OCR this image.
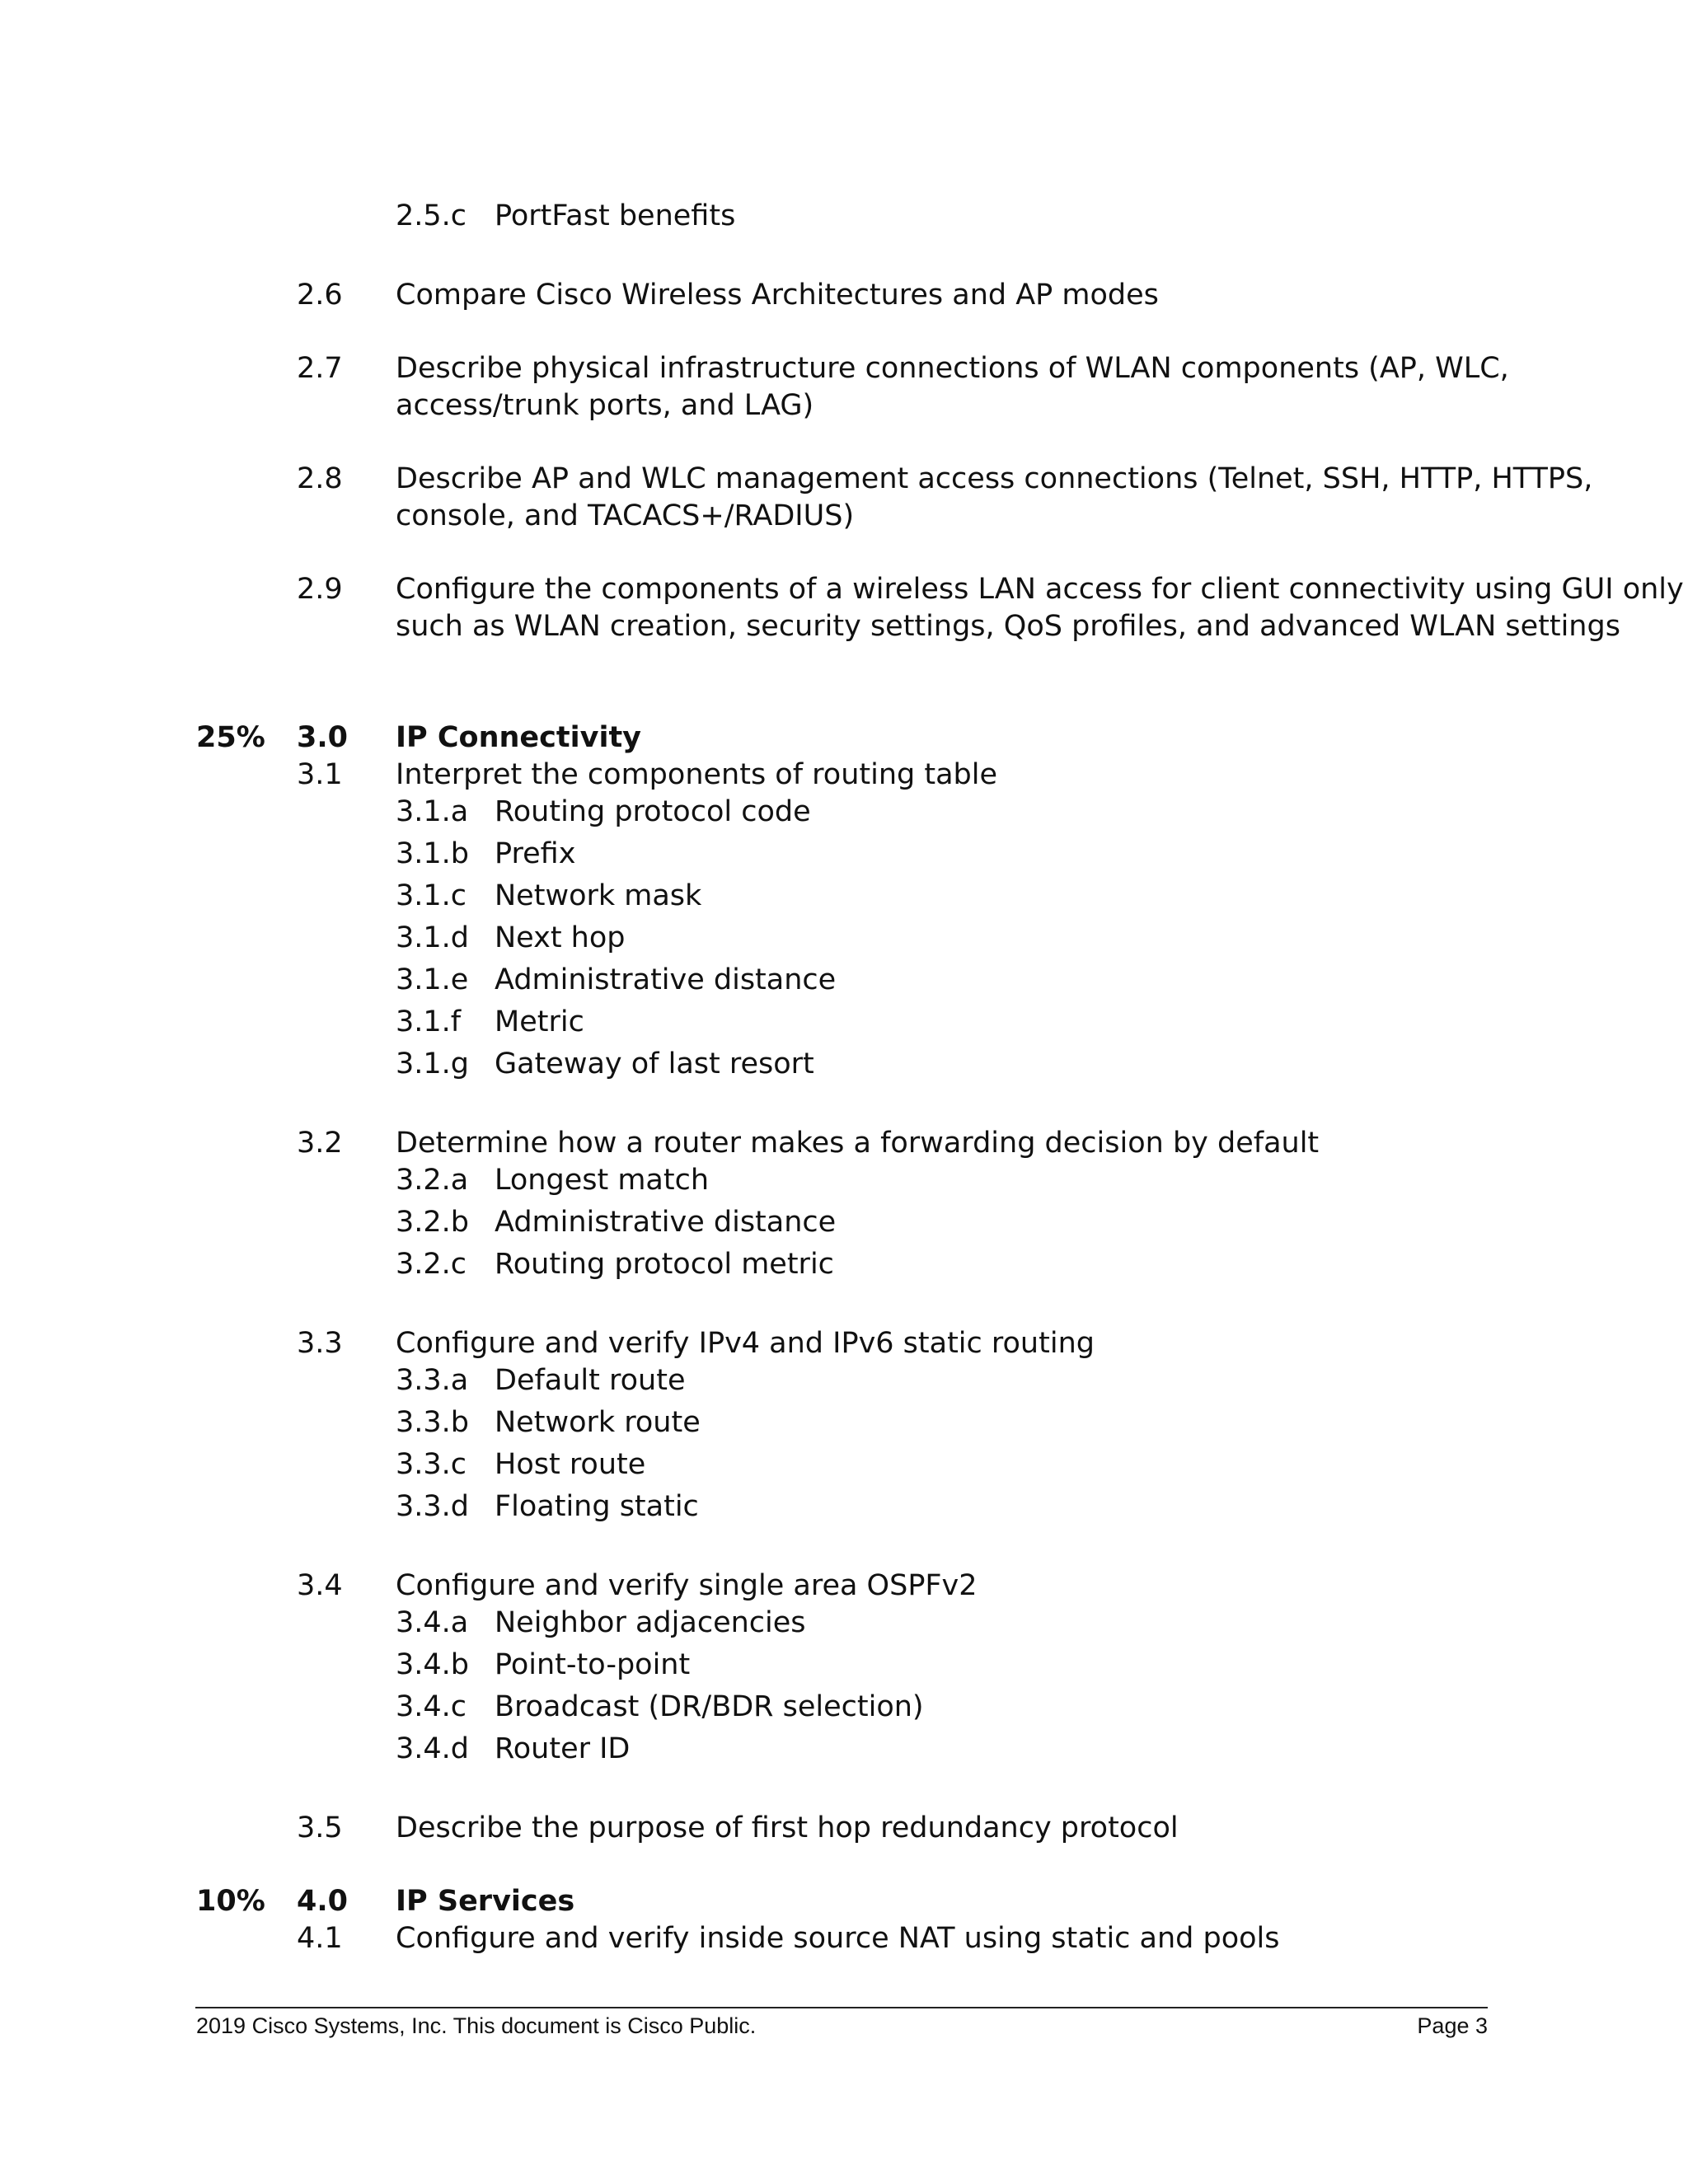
2.5.c PortFast benefits
2.6 Compare Cisco Wireless Architectures and AP modes
2.7 Describe physical infrastructure connections of WLAN components (AP, WLC,
access/trunk ports, and LAG)
2.8 Describe AP and WLC management access connections (Telnet, SSH, HTTP, HTTPS,
console, and TACACS+/RADIUS)
2.9 Configure the components of a wireless LAN access for client connectivity using GUI only
such as WLAN creation, security settings, QoS profiles, and advanced WLAN settings
25% 3.0 IP Connectivity
3.1 Interpret the components of routing table
3.1.a Routing protocol code
3.1.b Prefix
3.1.c Network mask
3.1.d Next hop
3.1.e Administrative distance
3.1.f Metric
3.1.g Gateway of last resort
3.2 Determine how a router makes a forwarding decision by default
3.2.a Longest match
3.2.b Administrative distance
3.2.c Routing protocol metric
3.3 Configure and verify IPv4 and IPv6 static routing
3.3.a Default route
3.3.b Network route
3.3.c Host route
3.3.d Floating static
3.4 Configure and verify single area OSPFv2
3.4.a Neighbor adjacencies
3.4.b Point-to-point
3.4.c Broadcast (DR/BDR selection)
3.4.d Router ID
3.5 Describe the purpose of first hop redundancy protocol
10% 4.0 IP Services
4.1 Configure and verify inside source NAT using static and pools
2019 Cisco Systems, Inc. This document is Cisco Public.	Page 3
